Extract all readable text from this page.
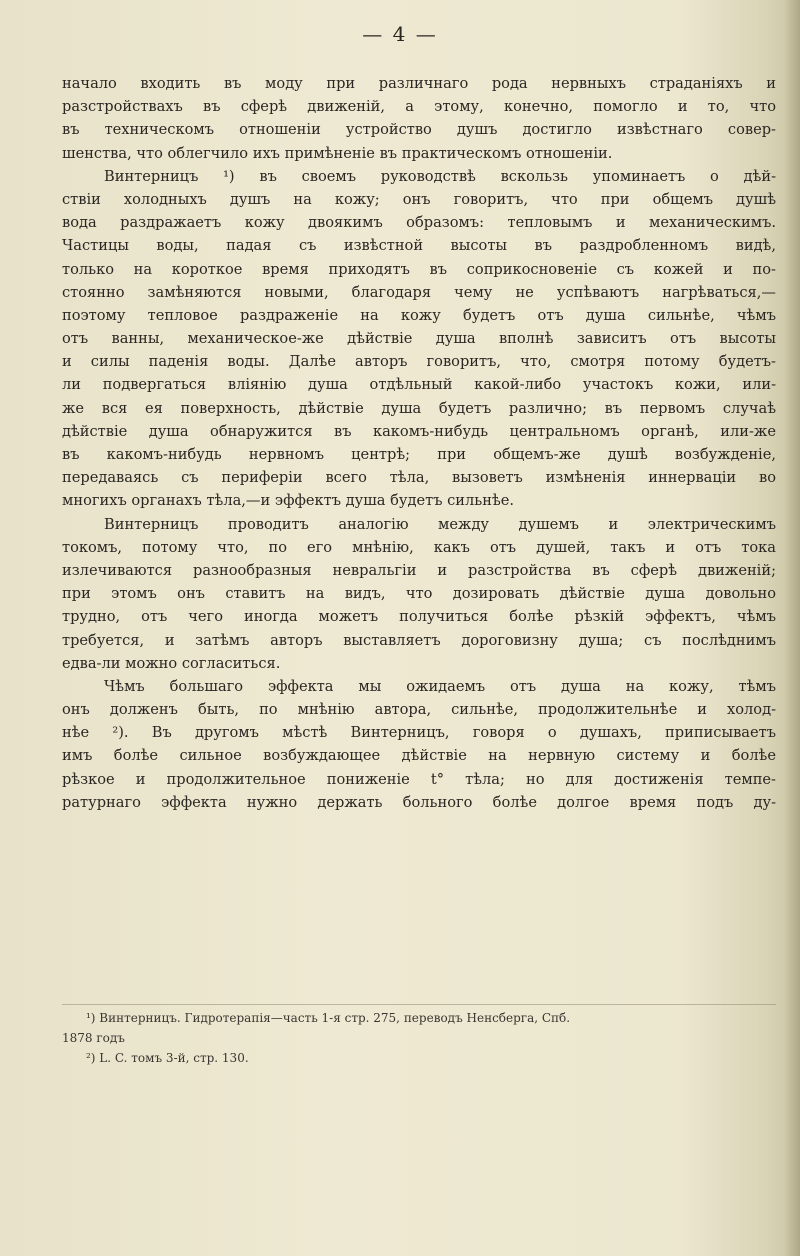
— 4 —
начало входить въ моду при различнаго рода нервныхъ страданіяхъ и
разстройствахъ въ сферѣ движеній, а этому, конечно, помогло и то, что
въ техническомъ отношеніи устройство душъ достигло извѣстнаго совер-
шенства, что облегчило ихъ примѣненіе въ практическомъ отношеніи.
Винтерницъ ¹) въ своемъ руководствѣ вскользь упоминаетъ о дѣй-
ствіи холодныхъ душъ на кожу; онъ говоритъ, что при общемъ душѣ
вода раздражаетъ кожу двоякимъ образомъ: тепловымъ и механическимъ.
Частицы воды, падая съ извѣстной высоты въ раздробленномъ видѣ,
только на короткое время приходятъ въ соприкосновеніе съ кожей и по-
стоянно замѣняются новыми, благодаря чему не успѣваютъ нагрѣваться,—
поэтому тепловое раздраженіе на кожу будетъ отъ душа сильнѣе, чѣмъ
отъ ванны, механическое-же дѣйствіе душа вполнѣ зависитъ отъ высоты
и силы паденія воды. Далѣе авторъ говоритъ, что, смотря потому будетъ-
ли подвергаться вліянію душа отдѣльный какой-либо участокъ кожи, или-
же вся ея поверхность, дѣйствіе душа будетъ различно; въ первомъ случаѣ
дѣйствіе душа обнаружится въ какомъ-нибудь центральномъ органѣ, или-же
въ какомъ-нибудь нервномъ центрѣ; при общемъ-же душѣ возбужденіе,
передаваясь съ периферіи всего тѣла, вызоветъ измѣненія иннерваціи во
многихъ органахъ тѣла,—и эффектъ душа будетъ сильнѣе.
Винтерницъ проводитъ аналогію между душемъ и электрическимъ
токомъ, потому что, по его мнѣнію, какъ отъ душей, такъ и отъ тока
излечиваются разнообразныя невральгіи и разстройства въ сферѣ движеній;
при этомъ онъ ставитъ на видъ, что дозировать дѣйствіе душа довольно
трудно, отъ чего иногда можетъ получиться болѣе рѣзкій эффектъ, чѣмъ
требуется, и затѣмъ авторъ выставляетъ дороговизну душа; съ послѣднимъ
едва-ли можно согласиться.
Чѣмъ большаго эффекта мы ожидаемъ отъ душа на кожу, тѣмъ
онъ долженъ быть, по мнѣнію автора, сильнѣе, продолжительнѣе и холод-
нѣе ²). Въ другомъ мѣстѣ Винтерницъ, говоря о душахъ, приписываетъ
имъ болѣе сильное возбуждающее дѣйствіе на нервную систему и болѣе
рѣзкое и продолжительное пониженіе t° тѣла; но для достиженія темпе-
ратурнаго эффекта нужно держать больного болѣе долгое время подъ ду-
¹) Винтерницъ. Гидротерапія—часть 1-я стр. 275, переводъ Ненсберга, Спб.
1878 годъ
²) L. C. томъ 3-й, стр. 130.
